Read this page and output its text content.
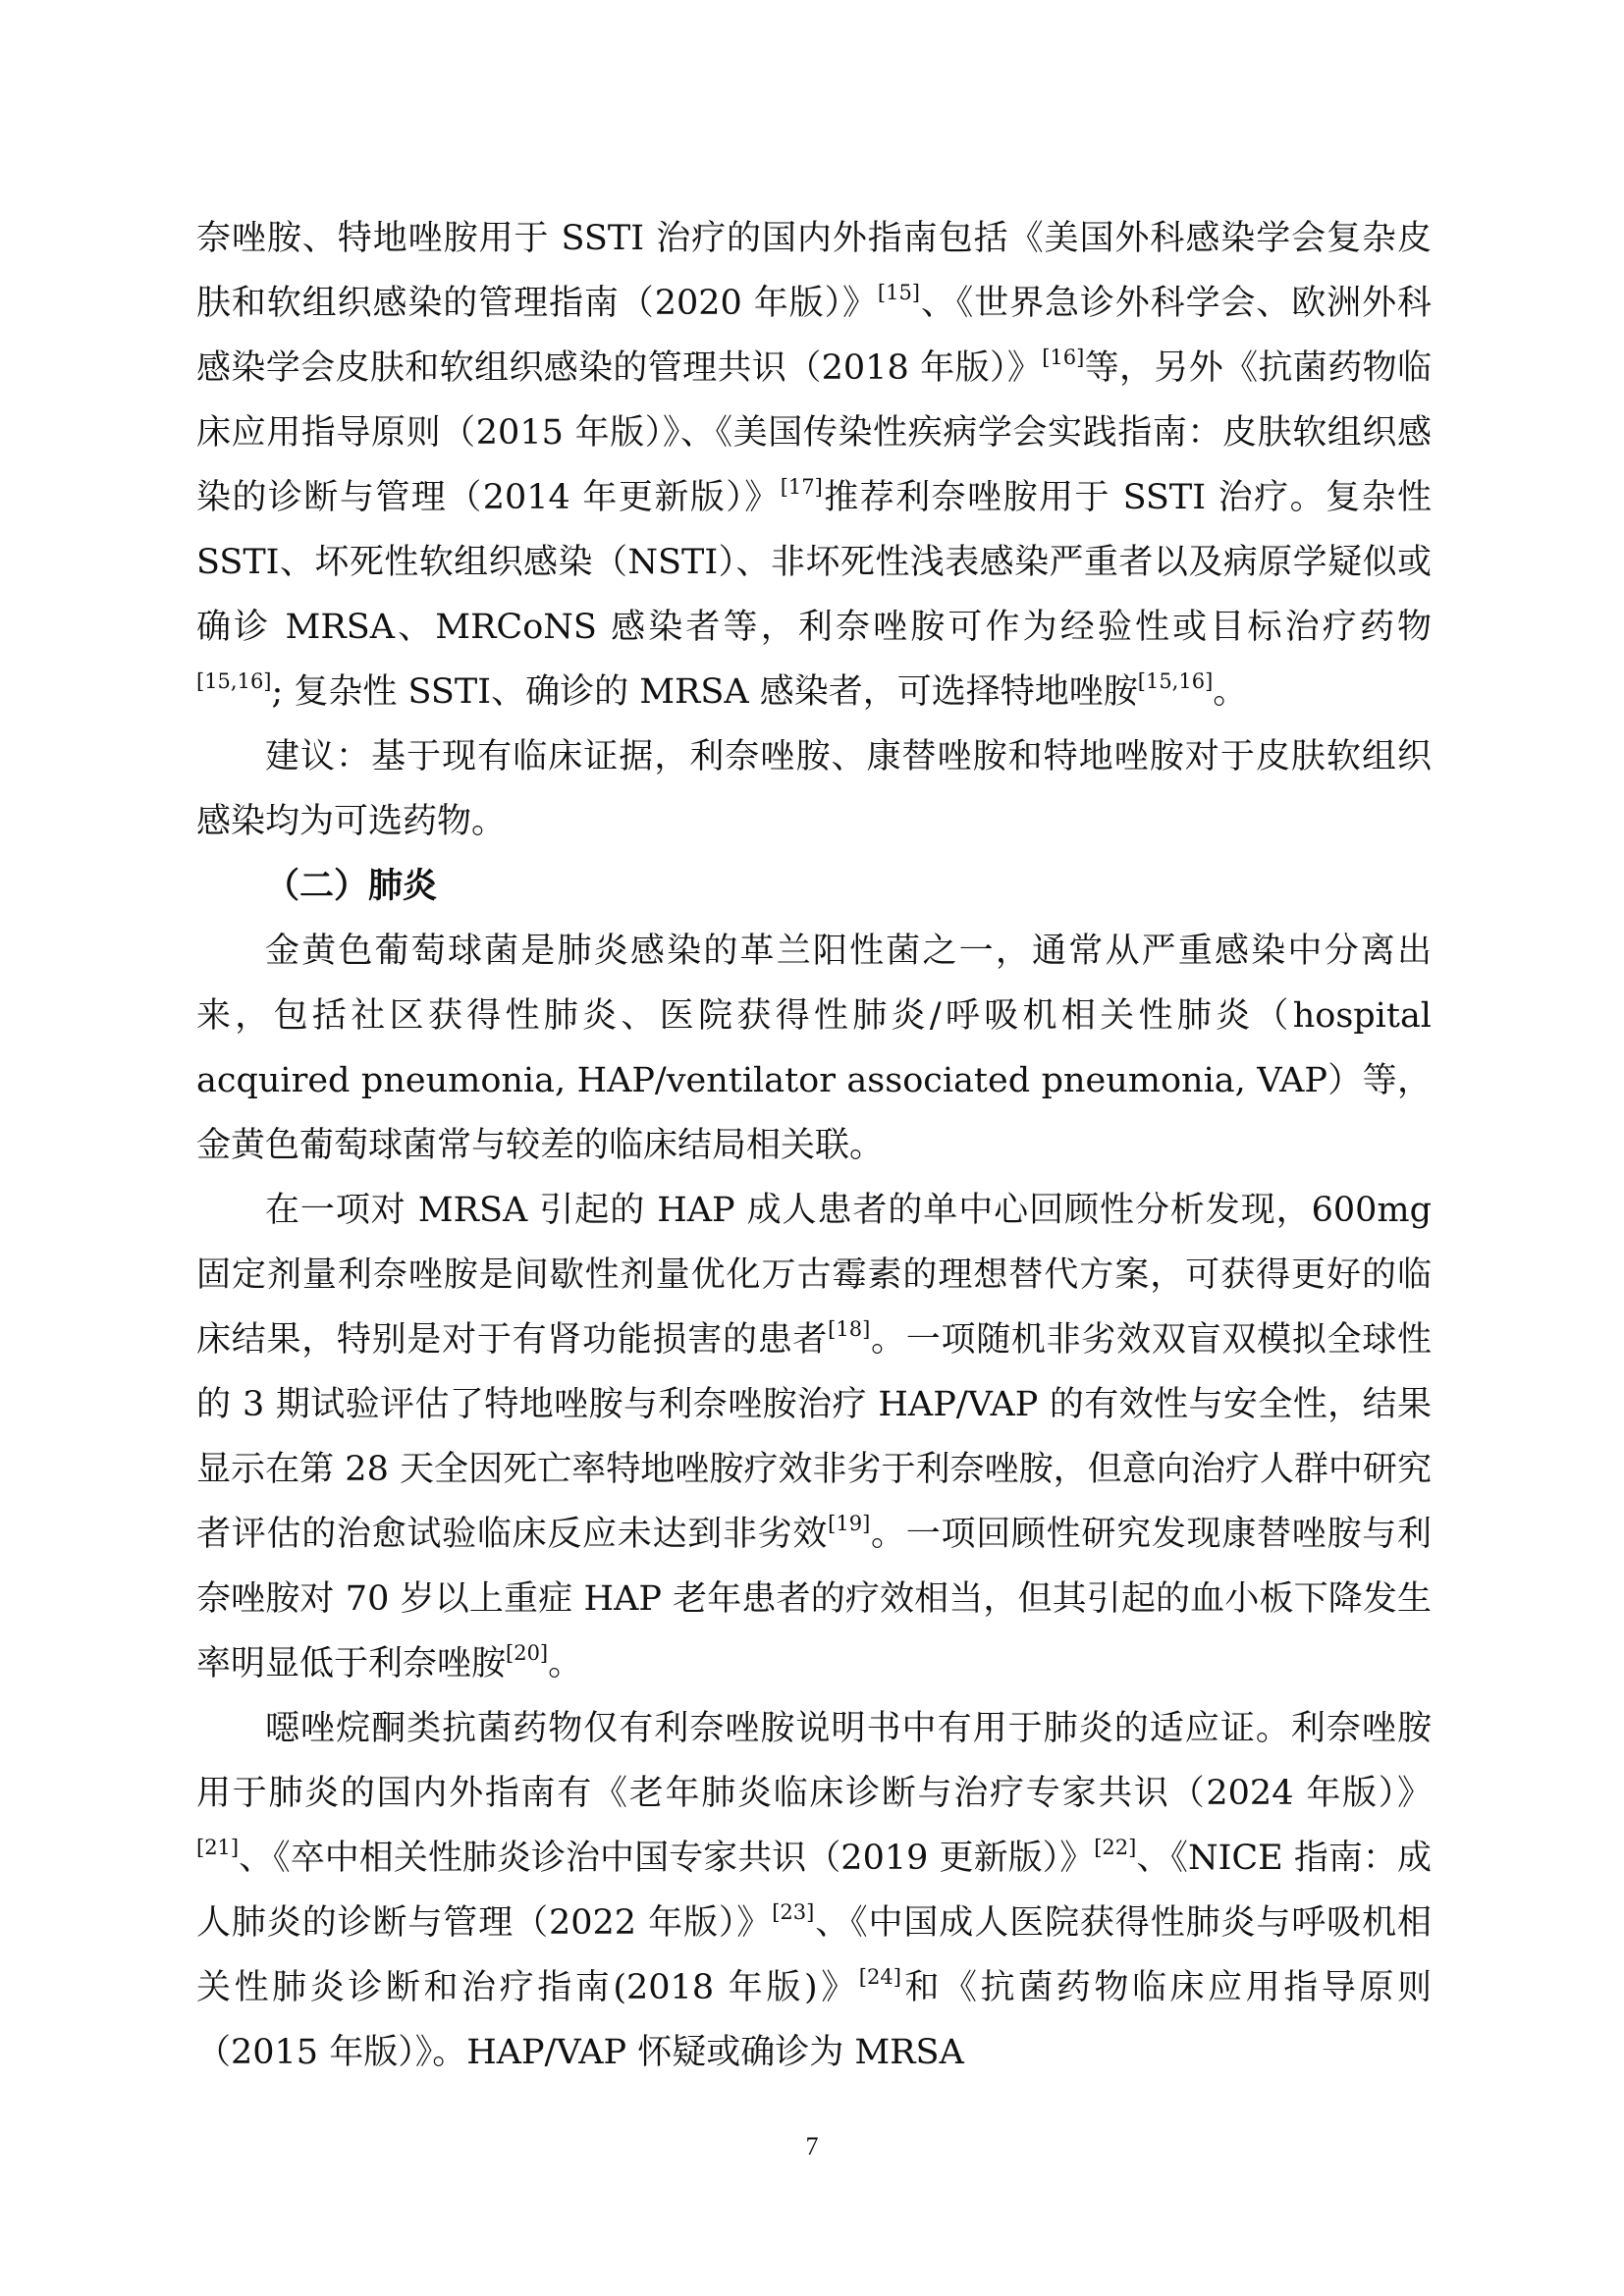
奈唑胺、特地唑胺用于 SSTI 治疗的国内外指南包括《美国外科感染学会复杂皮肤和软组织感染的管理指南（2020 年版）》[15]、《世界急诊外科学会、欧洲外科感染学会皮肤和软组织感染的管理共识（2018 年版）》[16]等，另外《抗菌药物临床应用指导原则（2015 年版）》、《美国传染性疾病学会实践指南：皮肤软组织感染的诊断与管理（2014 年更新版）》[17]推荐利奈唑胺用于 SSTI 治疗。复杂性 SSTI、坏死性软组织感染（NSTI）、非坏死性浅表感染严重者以及病原学疑似或确诊 MRSA、MRCoNS 感染者等，利奈唑胺可作为经验性或目标治疗药物[15,16]; 复杂性 SSTI、确诊的 MRSA 感染者，可选择特地唑胺[15,16]。

建议：基于现有临床证据，利奈唑胺、康替唑胺和特地唑胺对于皮肤软组织感染均为可选药物。

（二）肺炎

金黄色葡萄球菌是肺炎感染的革兰阳性菌之一，通常从严重感染中分离出来，包括社区获得性肺炎、医院获得性肺炎/呼吸机相关性肺炎（hospital acquired pneumonia, HAP/ventilator associated pneumonia, VAP）等，金黄色葡萄球菌常与较差的临床结局相关联。

在一项对 MRSA 引起的 HAP 成人患者的单中心回顾性分析发现，600mg 固定剂量利奈唑胺是间歇性剂量优化万古霉素的理想替代方案，可获得更好的临床结果，特别是对于有肾功能损害的患者[18]。一项随机非劣效双盲双模拟全球性的 3 期试验评估了特地唑胺与利奈唑胺治疗 HAP/VAP 的有效性与安全性，结果显示在第 28 天全因死亡率特地唑胺疗效非劣于利奈唑胺，但意向治疗人群中研究者评估的治愈试验临床反应未达到非劣效[19]。一项回顾性研究发现康替唑胺与利奈唑胺对 70 岁以上重症 HAP 老年患者的疗效相当，但其引起的血小板下降发生率明显低于利奈唑胺[20]。

噁唑烷酮类抗菌药物仅有利奈唑胺说明书中有用于肺炎的适应证。利奈唑胺用于肺炎的国内外指南有《老年肺炎临床诊断与治疗专家共识（2024 年版）》[21]、《卒中相关性肺炎诊治中国专家共识（2019 更新版）》[22]、《NICE 指南：成人肺炎的诊断与管理（2022 年版）》[23]、《中国成人医院获得性肺炎与呼吸机相关性肺炎诊断和治疗指南(2018 年版)》[24]和《抗菌药物临床应用指导原则（2015 年版）》。HAP/VAP 怀疑或确诊为 MRSA

7
